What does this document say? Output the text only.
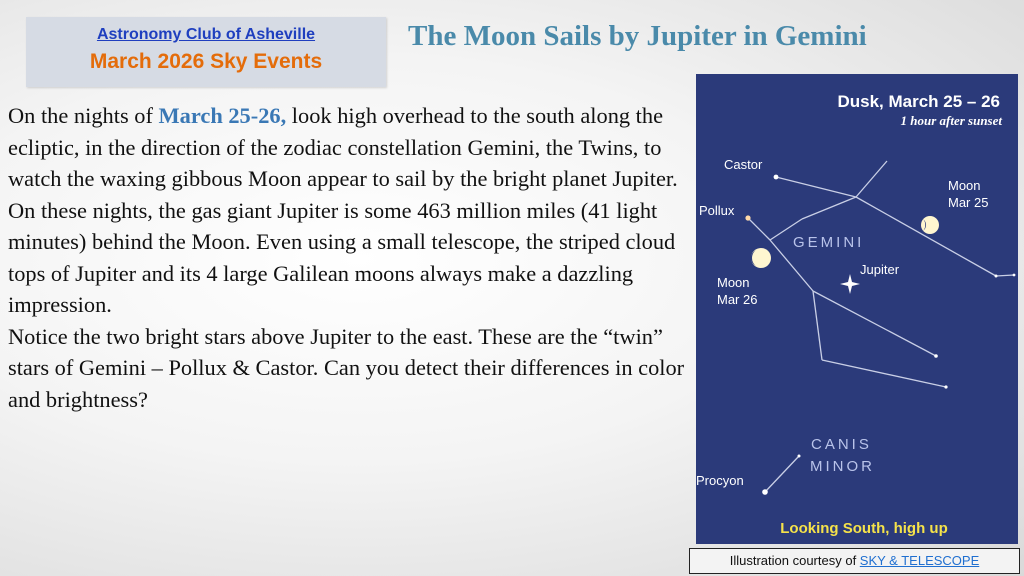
Astronomy Club of Asheville
March 2026 Sky Events
The Moon Sails by Jupiter in Gemini

On the nights of March 25-26, look high overhead to the south along the ecliptic, in the direction of the zodiac constellation Gemini, the Twins, to watch the waxing gibbous Moon appear to sail by the bright planet Jupiter. On these nights, the gas giant Jupiter is some 463 million miles (41 light minutes) behind the Moon. Even using a small telescope, the striped cloud tops of Jupiter and its 4 large Galilean moons always make a dazzling impression.

Notice the two bright stars above Jupiter to the east. These are the “twin” stars of Gemini – Pollux & Castor. Can you detect their differences in color and brightness?

Dusk, March 25 – 26
1 hour after sunset
Castor
Pollux
GEMINI
Jupiter
Moon
Mar 25
Moon
Mar 26
CANIS
MINOR
Procyon
Looking South, high up
Illustration courtesy of SKY & TELESCOPE
